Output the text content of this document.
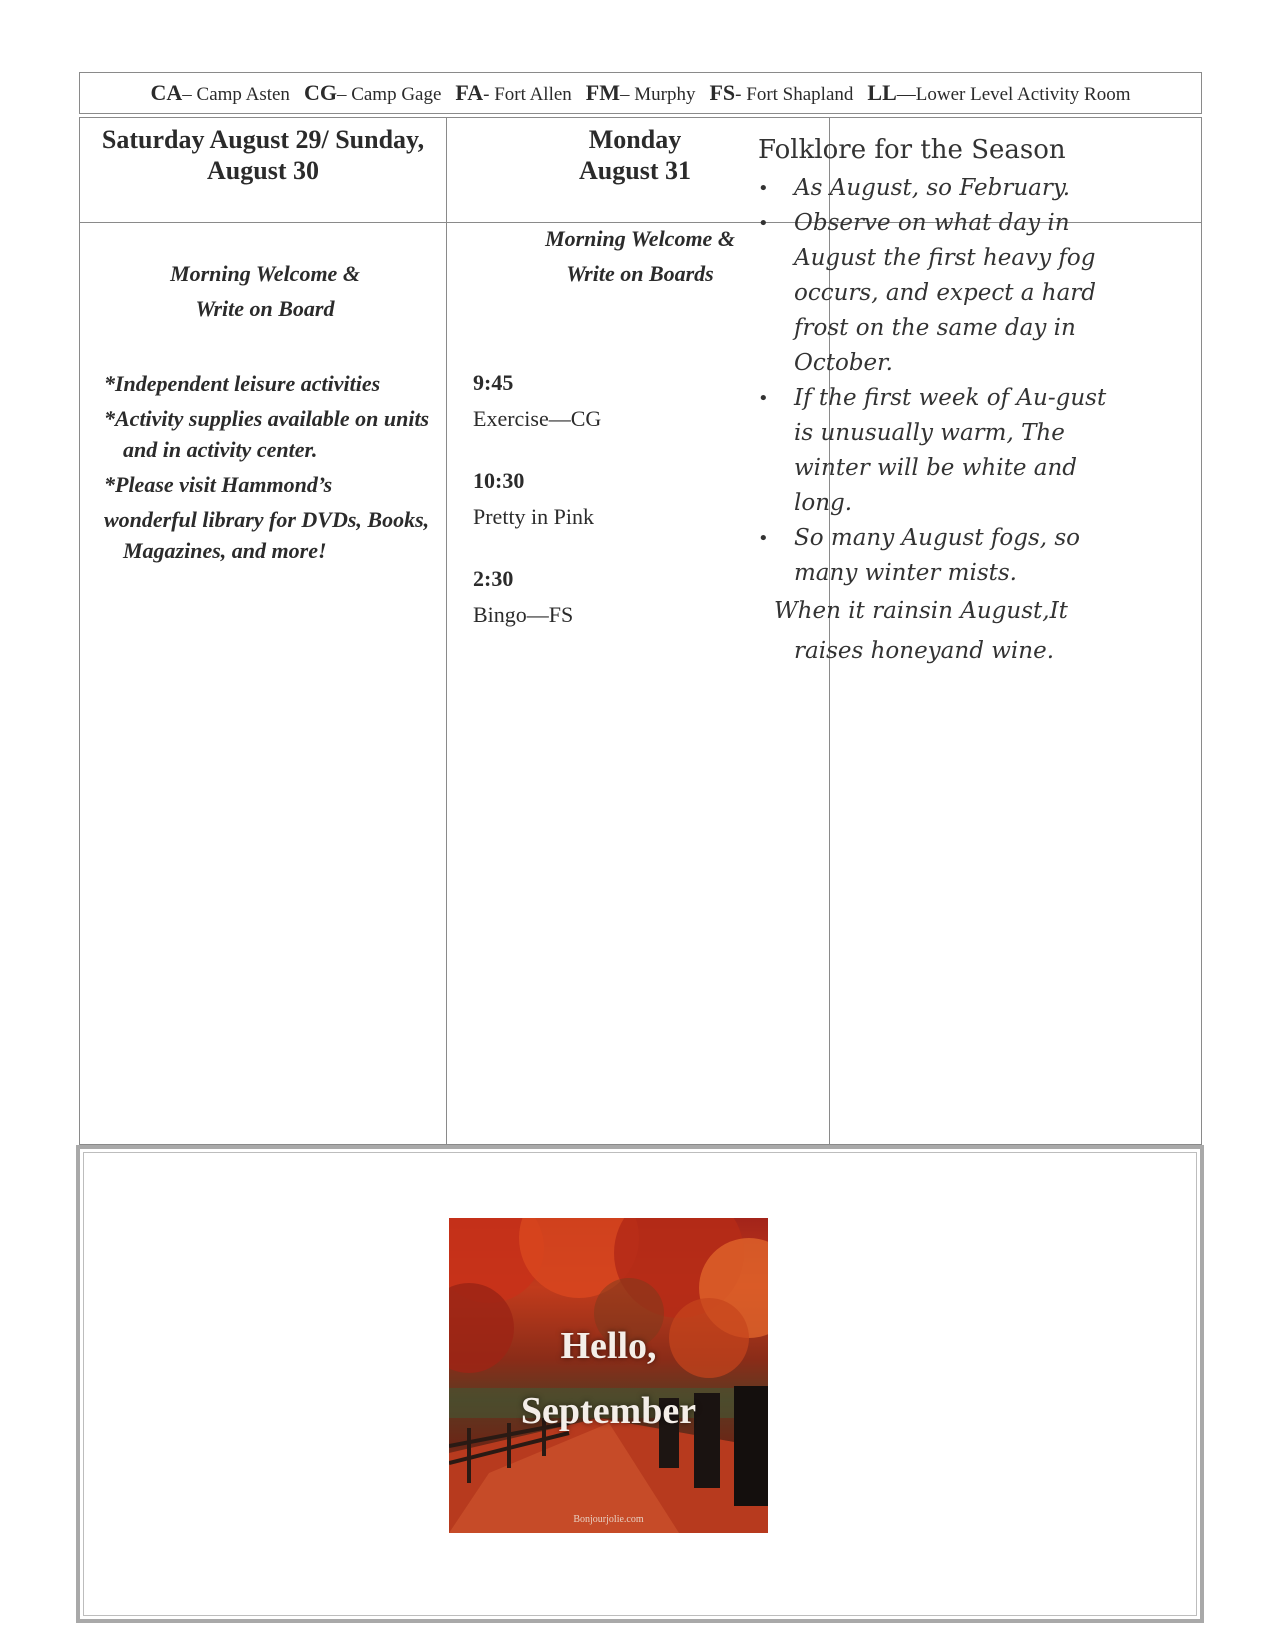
CA– Camp Asten CG– Camp Gage FA- Fort Allen FM– Murphy FS- Fort Shapland LL—Lower Level Activity Room
Saturday August 29/ Sunday, August 30
Monday
August 31
Morning Welcome &
Write on Board

*Independent leisure activities

*Activity supplies available on units and in activity center.

*Please visit Hammond’s

wonderful library for DVDs, Books, Magazines, and more!

Morning Welcome &
Write on Boards
9:45
Exercise—CG
10:30
Pretty in Pink
2:30
Bingo—FS
Folklore for the Season
• As August, so February.
• Observe on what day in August the first heavy fog occurs, and expect a hard frost on the same day in October.
• If the first week of Au-gust is unusually warm, The winter will be white and long.
• So many August fogs, so many winter mists.

When it rainsin August,It
raises honeyand wine.

Hello,
September
Bonjourjolie.com
